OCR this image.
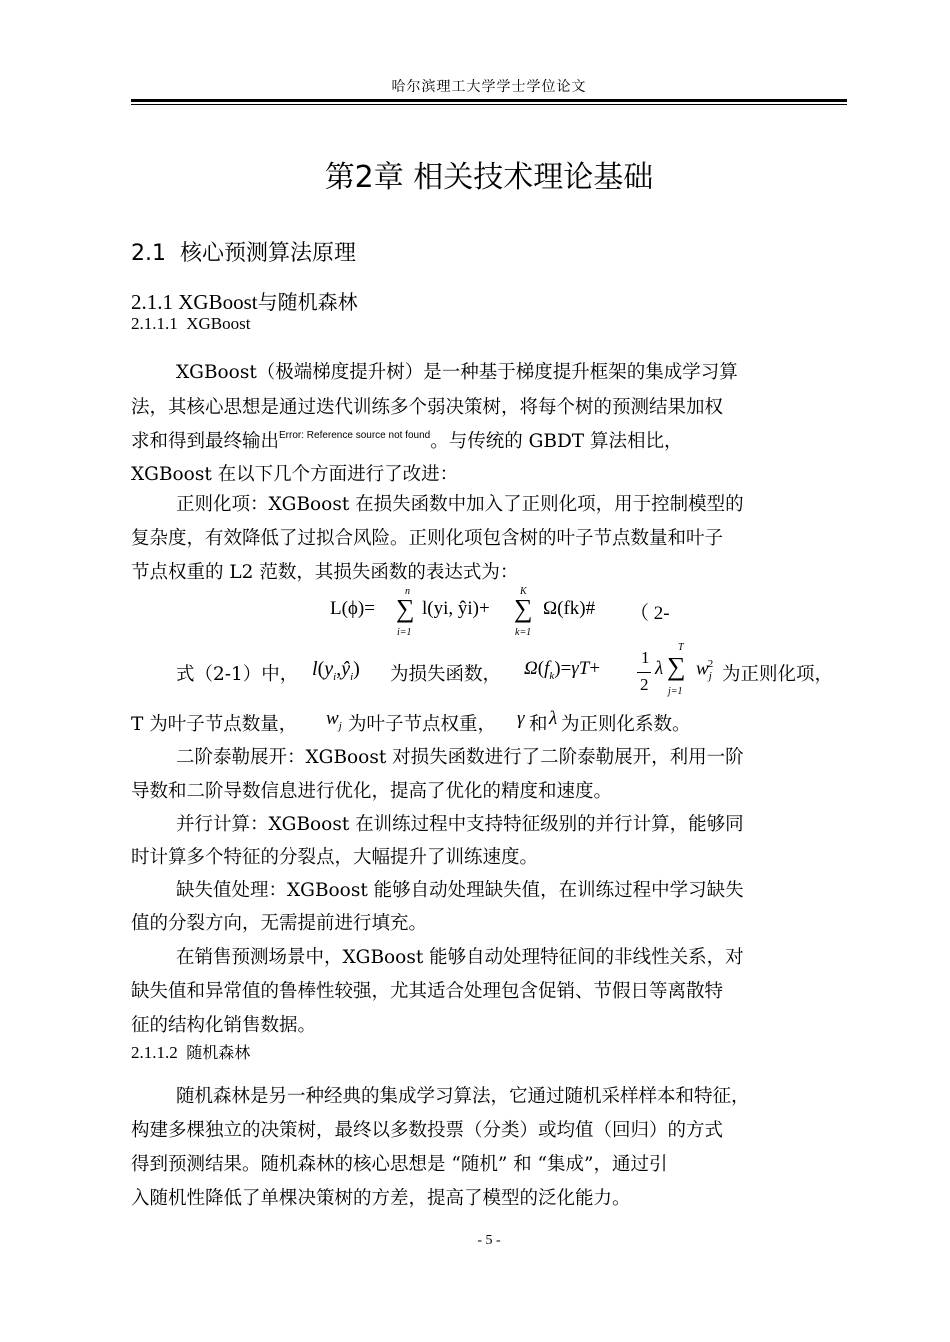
哈尔滨理工大学学士学位论文
第2章 相关技术理论基础
2.1 核心预测算法原理
2.1.1 XGBoost与随机森林
2.1.1.1 XGBoost
XGBoost（极端梯度提升树）是一种基于梯度提升框架的集成学习算
法，其核心思想是通过迭代训练多个弱决策树，将每个树的预测结果加权
求和得到最终输出$^{Error: Reference source not found}$。与传统的 GBDT 算法相比，
XGBoost 在以下几个方面进行了改进：
正则化项：XGBoost 在损失函数中加入了正则化项，用于控制模型的
复杂度，有效降低了过拟合风险。正则化项包含树的叶子节点数量和叶子
节点权重的 L2 范数，其损失函数的表达式为：
L(ϕ)=
n
∑
i=1
l(yi, ŷi)+
K
∑
k=1
Ω(fk)# （ 2-
式（2-1）中， $l(y_i,ŷ_i)$ 为损失函数， $\Omega(f_k)=\gamma T+$
1
2
λ
T
∑
j=1
$w_j^2$ 为正则化项，
T 为叶子节点数量， $w_j$ 为叶子节点权重， γ 和 λ 为正则化系数。
二阶泰勒展开：XGBoost 对损失函数进行了二阶泰勒展开，利用一阶
导数和二阶导数信息进行优化，提高了优化的精度和速度。
并行计算：XGBoost 在训练过程中支持特征级别的并行计算，能够同
时计算多个特征的分裂点，大幅提升了训练速度。
缺失值处理：XGBoost 能够自动处理缺失值，在训练过程中学习缺失
值的分裂方向，无需提前进行填充。
在销售预测场景中，XGBoost 能够自动处理特征间的非线性关系，对
缺失值和异常值的鲁棒性较强，尤其适合处理包含促销、节假日等离散特
征的结构化销售数据。
2.1.1.2 随机森林
随机森林是另一种经典的集成学习算法，它通过随机采样样本和特征，
构建多棵独立的决策树，最终以多数投票（分类）或均值（回归）的方式
得到预测结果。随机森林的核心思想是 “随机” 和 “集成”，通过引
入随机性降低了单棵决策树的方差，提高了模型的泛化能力。
- 5 -
